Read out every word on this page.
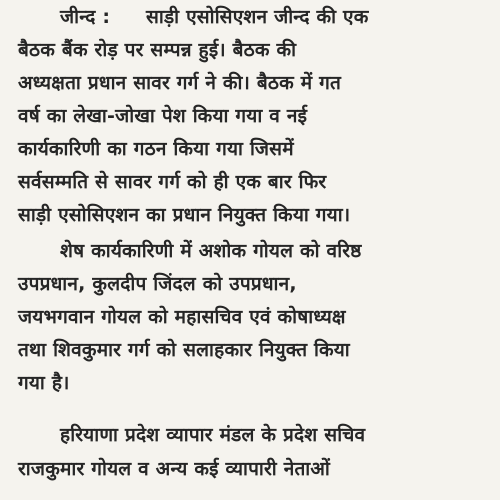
जीन्द : साड़ी एसोसिएशन जीन्द की एक
बैठक बैंक रोड़ पर सम्पन्न हुई। बैठक की
अध्यक्षता प्रधान सावर गर्ग ने की। बैठक में गत
वर्ष का लेखा-जोखा पेश किया गया व नई
कार्यकारिणी का गठन किया गया जिसमें
सर्वसम्मति से सावर गर्ग को ही एक बार फिर
साड़ी एसोसिएशन का प्रधान नियुक्त किया गया।
शेष कार्यकारिणी में अशोक गोयल को वरिष्ठ
उपप्रधान, कुलदीप जिंदल को उपप्रधान,
जयभगवान गोयल को महासचिव एवं कोषाध्यक्ष
तथा शिवकुमार गर्ग को सलाहकार नियुक्त किया
गया है।
हरियाणा प्रदेश व्यापार मंडल के प्रदेश सचिव
राजकुमार गोयल व अन्य कई व्यापारी नेताओं
